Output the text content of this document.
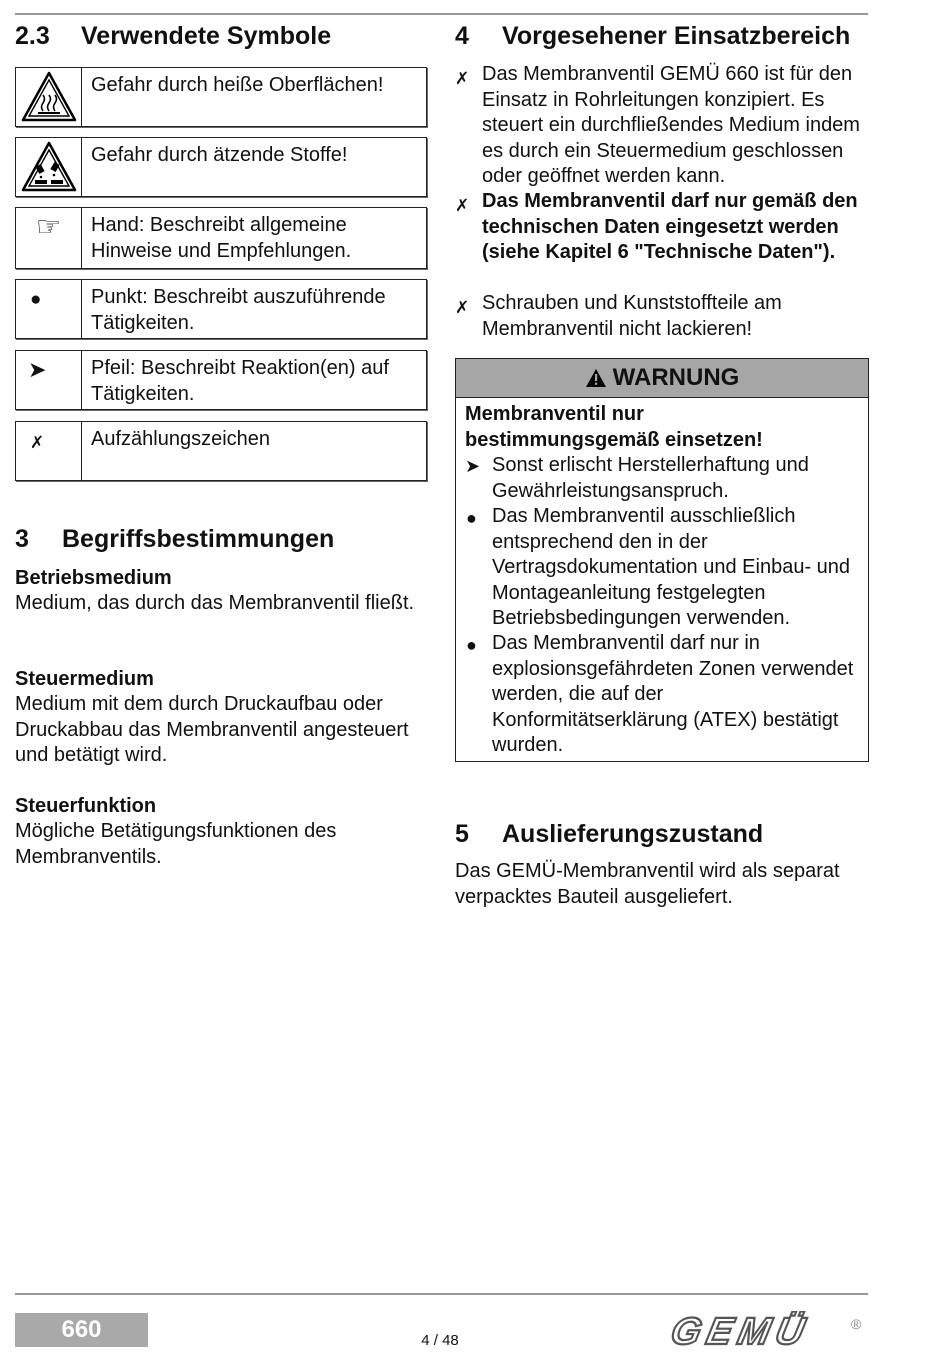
2.3 Verwendete Symbole
Gefahr durch heiße Oberflächen!
Gefahr durch ätzende Stoffe!
☞ Hand: Beschreibt allgemeine Hinweise und Empfehlungen.
● Punkt: Beschreibt auszuführende Tätigkeiten.
➤ Pfeil: Beschreibt Reaktion(en) auf Tätigkeiten.
✗ Aufzählungszeichen
3 Begriffsbestimmungen
Betriebsmedium
Medium, das durch das Membranventil fließt.
Steuermedium
Medium mit dem durch Druckaufbau oder Druckabbau das Membranventil angesteuert und betätigt wird.
Steuerfunktion
Mögliche Betätigungsfunktionen des Membranventils.
4 Vorgesehener Einsatzbereich
✗ Das Membranventil GEMÜ 660 ist für den Einsatz in Rohrleitungen konzipiert. Es steuert ein durchfließendes Medium indem es durch ein Steuermedium geschlossen oder geöffnet werden kann.
✗ Das Membranventil darf nur gemäß den technischen Daten eingesetzt werden (siehe Kapitel 6 "Technische Daten").
✗ Schrauben und Kunststoffteile am Membranventil nicht lackieren!
WARNUNG
Membranventil nur bestimmungsgemäß einsetzen!
➤ Sonst erlischt Herstellerhaftung und Gewährleistungsanspruch.
● Das Membranventil ausschließlich entsprechend den in der Vertragsdokumentation und Einbau- und Montageanleitung festgelegten Betriebsbedingungen verwenden.
● Das Membranventil darf nur in explosionsgefährdeten Zonen verwendet werden, die auf der Konformitätserklärung (ATEX) bestätigt wurden.
5 Auslieferungszustand
Das GEMÜ-Membranventil wird als separat verpacktes Bauteil ausgeliefert.
660	4 / 48	GEMÜ	®
